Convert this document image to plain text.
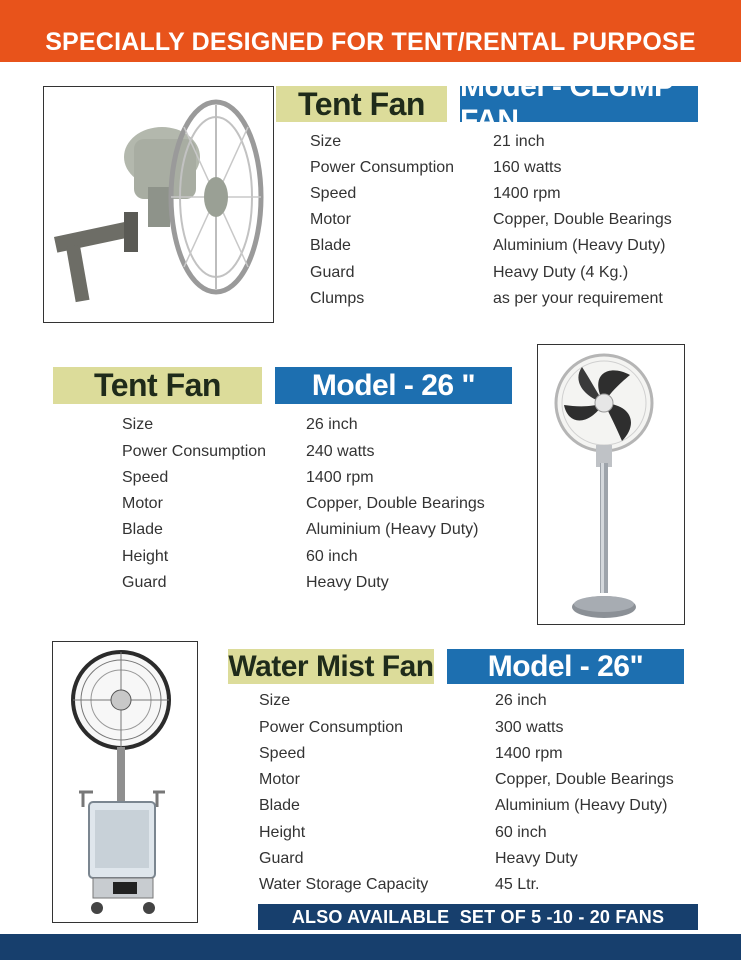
SPECIALLY DESIGNED FOR TENT/RENTAL PURPOSE
Tent Fan Model - CLUMP FAN
Size	21 inch
Power Consumption 160 watts
Speed	1400 rpm
Motor	Copper, Double Bearings
Blade	Aluminium (Heavy Duty)
Guard	Heavy Duty (4 Kg.)
Clumps	as per your requirement
Tent Fan	Model - 26 "
Size	26 inch
Power Consumption 240 watts
Speed	1400 rpm
Motor	Copper, Double Bearings
Blade	Aluminium (Heavy Duty)
Height	60 inch
Guard	Heavy Duty
Water Mist Fan Model - 26"
Size	26 inch
Power Consumption	300 watts
Speed	1400 rpm
Motor	Copper, Double Bearings
Blade	Aluminium (Heavy Duty)
Height	60 inch
Guard	Heavy Duty
Water Storage Capacity	45 Ltr.
ALSO AVAILABLE  SET OF 5 -10 - 20 FANS
